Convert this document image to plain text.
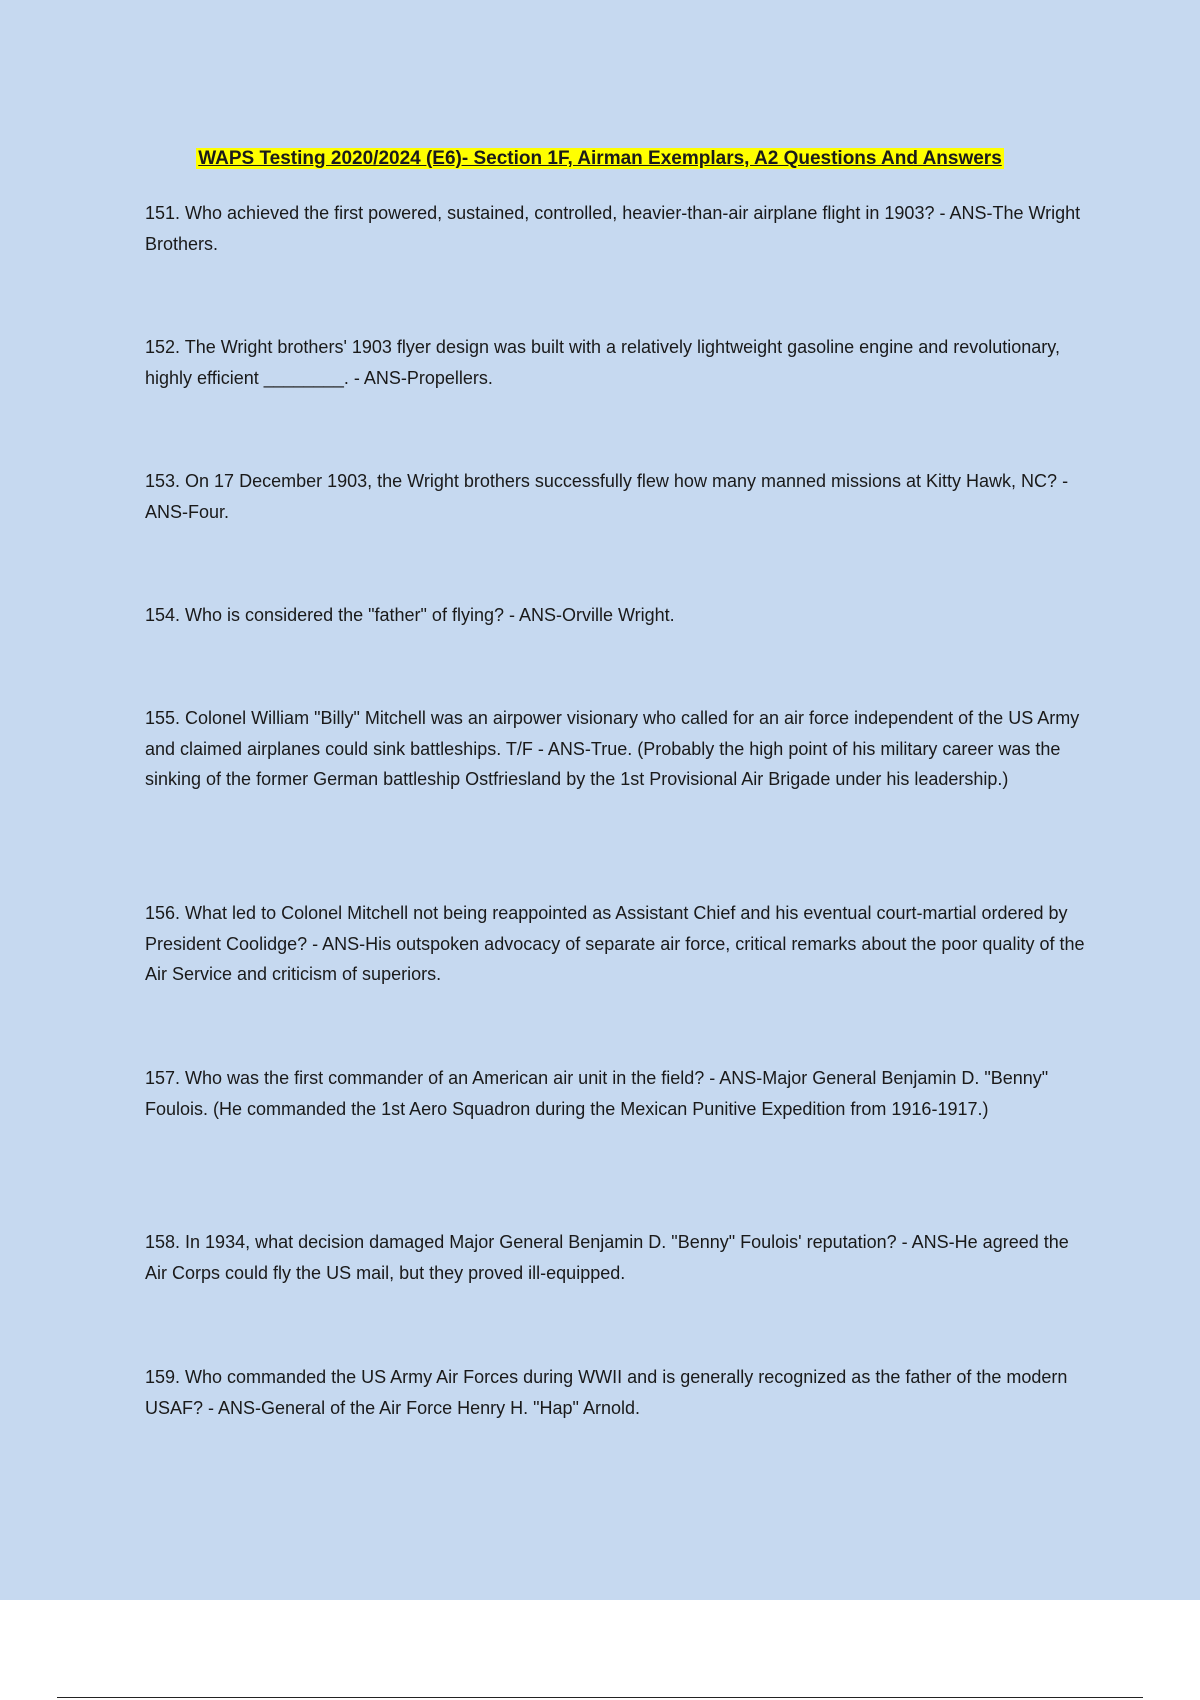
WAPS Testing 2020/2024 (E6)- Section 1F, Airman Exemplars, A2 Questions And Answers

151. Who achieved the first powered, sustained, controlled, heavier-than-air airplane flight in 1903? - ANS-The Wright Brothers.

152. The Wright brothers' 1903 flyer design was built with a relatively lightweight gasoline engine and revolutionary, highly efficient ________. - ANS-Propellers.

153. On 17 December 1903, the Wright brothers successfully flew how many manned missions at Kitty Hawk, NC? - ANS-Four.

154. Who is considered the "father" of flying? - ANS-Orville Wright.

155. Colonel William "Billy" Mitchell was an airpower visionary who called for an air force independent of the US Army and claimed airplanes could sink battleships. T/F - ANS-True. (Probably the high point of his military career was the sinking of the former German battleship Ostfriesland by the 1st Provisional Air Brigade under his leadership.)

156. What led to Colonel Mitchell not being reappointed as Assistant Chief and his eventual court-martial ordered by President Coolidge? - ANS-His outspoken advocacy of separate air force, critical remarks about the poor quality of the Air Service and criticism of superiors.

157. Who was the first commander of an American air unit in the field? - ANS-Major General Benjamin D. "Benny" Foulois. (He commanded the 1st Aero Squadron during the Mexican Punitive Expedition from 1916-1917.)

158. In 1934, what decision damaged Major General Benjamin D. "Benny" Foulois' reputation? - ANS-He agreed the Air Corps could fly the US mail, but they proved ill-equipped.

159. Who commanded the US Army Air Forces during WWII and is generally recognized as the father of the modern USAF? - ANS-General of the Air Force Henry H. "Hap" Arnold.
